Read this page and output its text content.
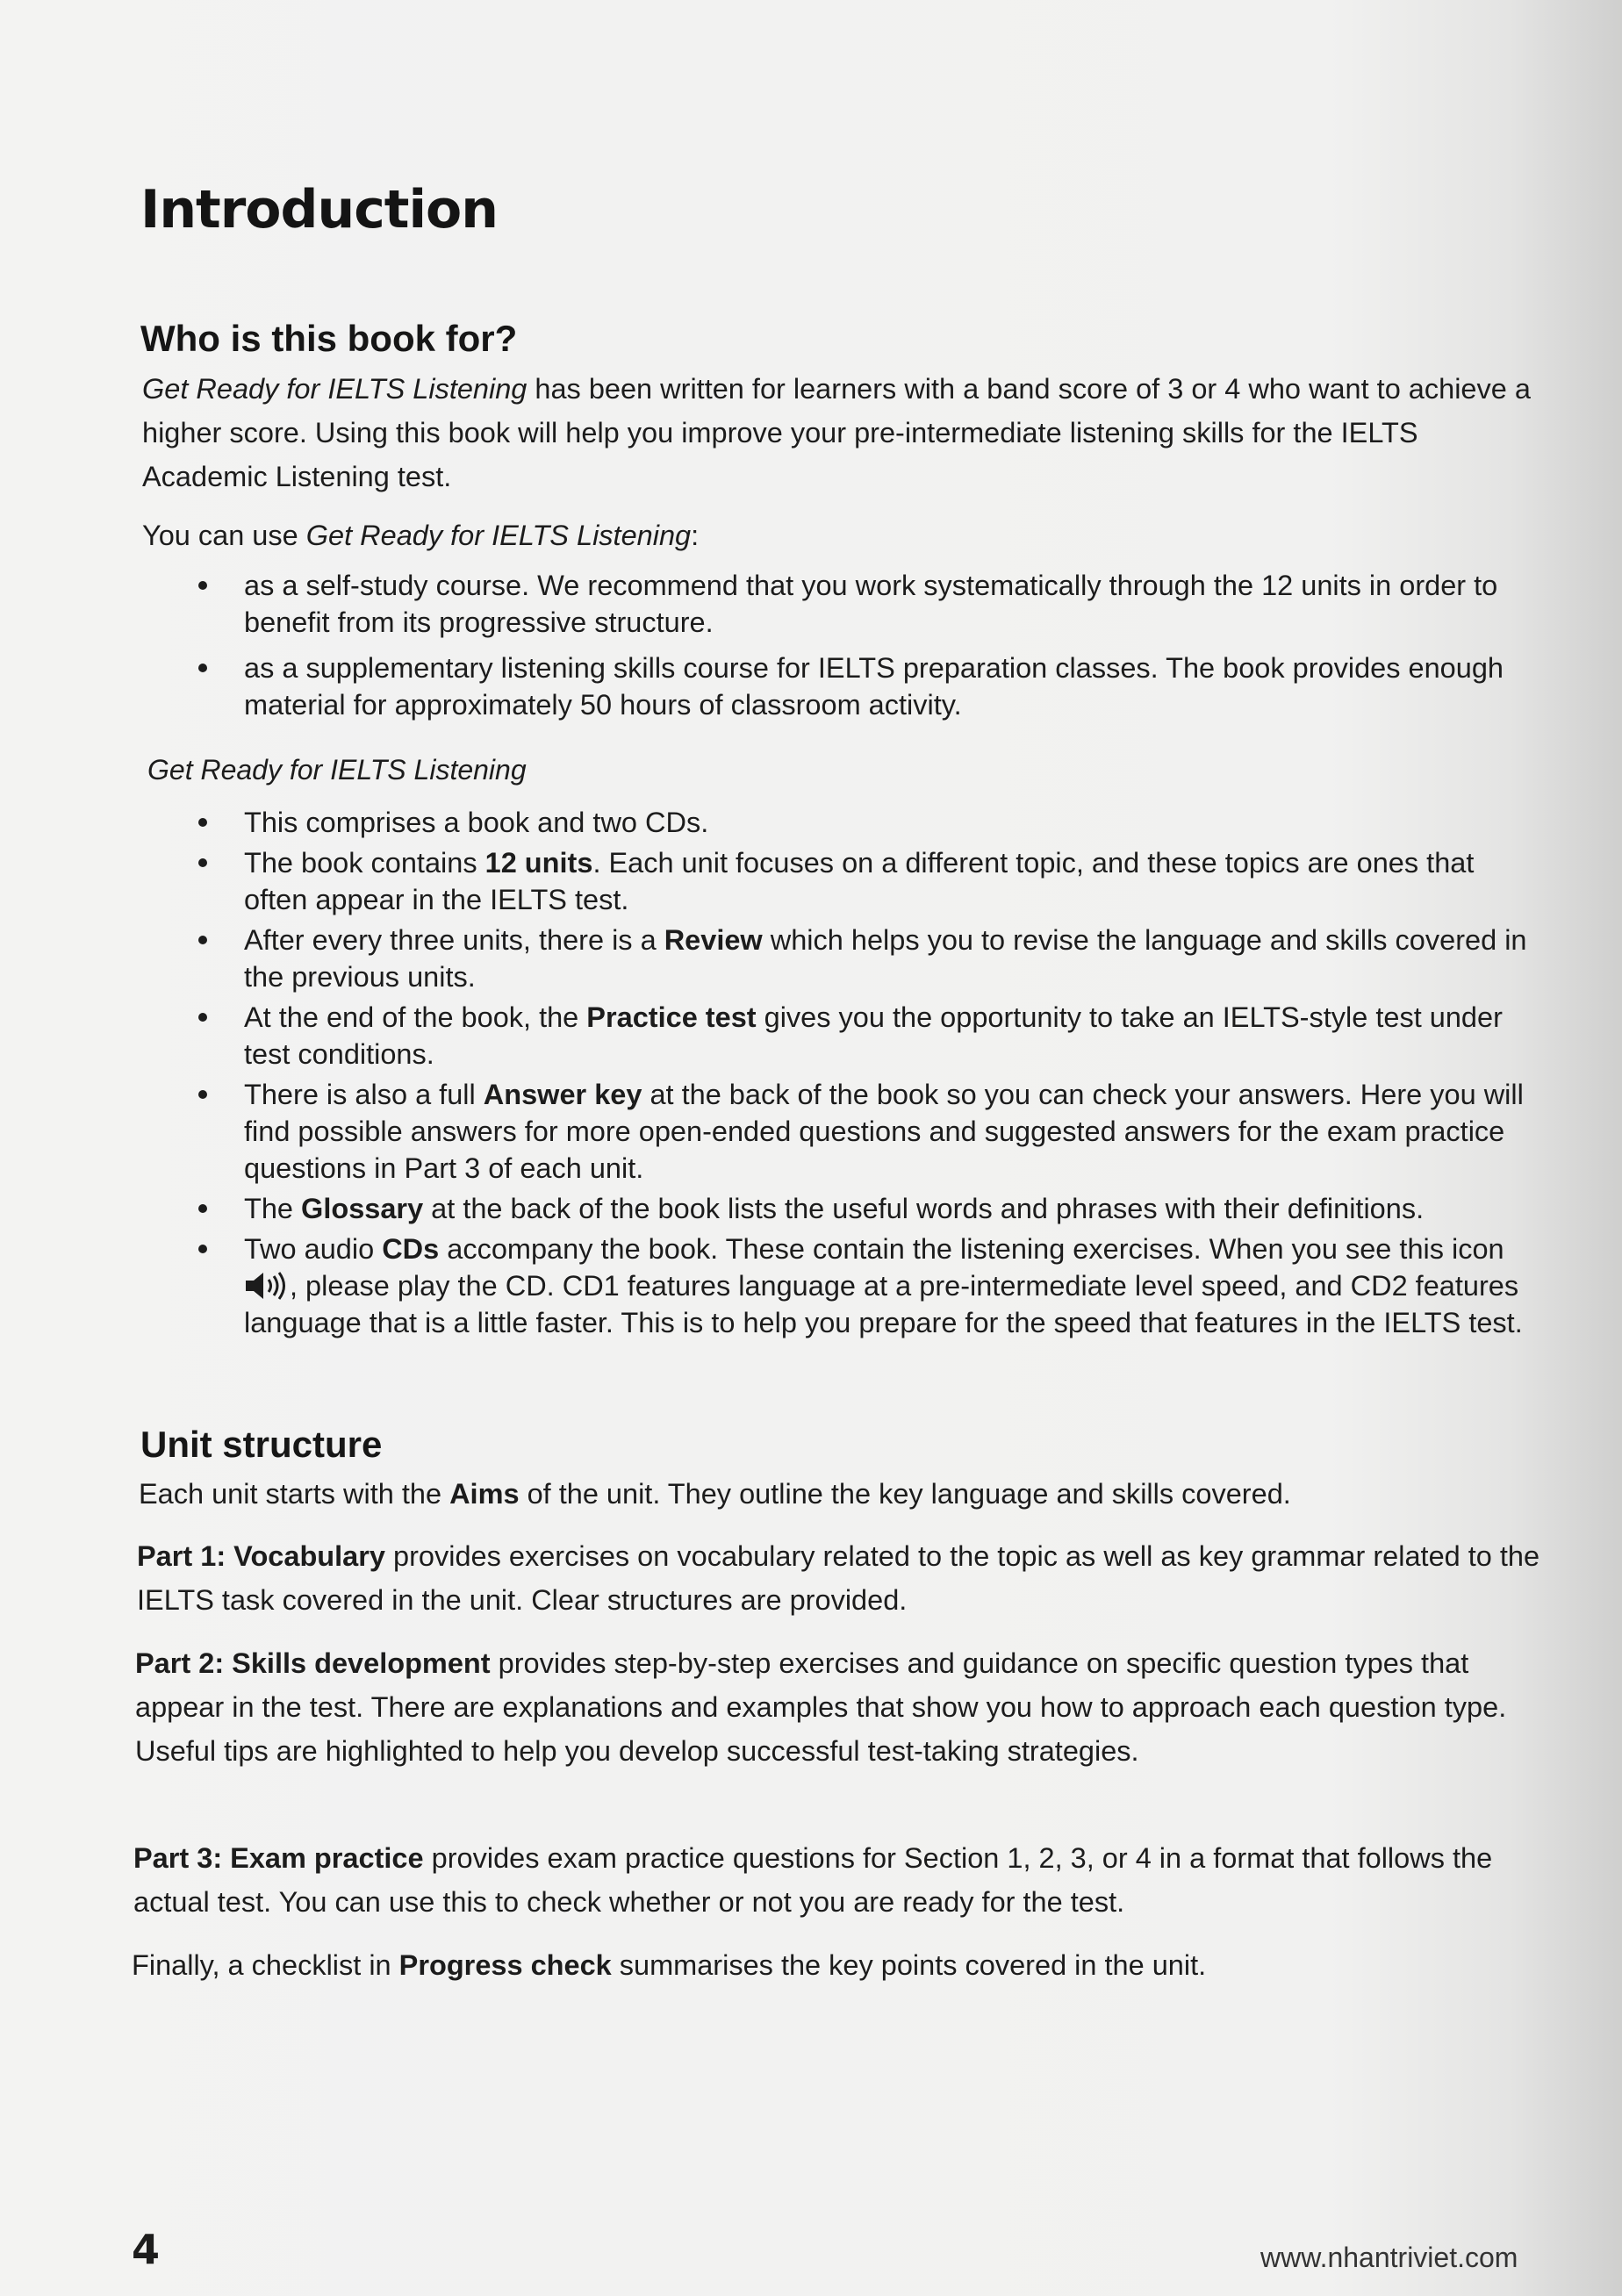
Introduction
Who is this book for?

Get Ready for IELTS Listening has been written for learners with a band score of 3 or 4 who want to achieve a higher score. Using this book will help you improve your pre-intermediate listening skills for the IELTS Academic Listening test.

You can use Get Ready for IELTS Listening:

as a self-study course. We recommend that you work systematically through the 12 units in order to benefit from its progressive structure.
as a supplementary listening skills course for IELTS preparation classes. The book provides enough material for approximately 50 hours of classroom activity.

Get Ready for IELTS Listening

This comprises a book and two CDs.
The book contains 12 units. Each unit focuses on a different topic, and these topics are ones that often appear in the IELTS test.
After every three units, there is a Review which helps you to revise the language and skills covered in the previous units.
At the end of the book, the Practice test gives you the opportunity to take an IELTS-style test under test conditions.
There is also a full Answer key at the back of the book so you can check your answers. Here you will find possible answers for more open-ended questions and suggested answers for the exam practice questions in Part 3 of each unit.
The Glossary at the back of the book lists the useful words and phrases with their definitions.
Two audio CDs accompany the book. These contain the listening exercises. When you see this icon , please play the CD. CD1 features language at a pre-intermediate level speed, and CD2 features language that is a little faster. This is to help you prepare for the speed that features in the IELTS test.
Unit structure

Each unit starts with the Aims of the unit. They outline the key language and skills covered.

Part 1: Vocabulary provides exercises on vocabulary related to the topic as well as key grammar related to the IELTS task covered in the unit. Clear structures are provided.

Part 2: Skills development provides step-by-step exercises and guidance on specific question types that appear in the test. There are explanations and examples that show you how to approach each question type. Useful tips are highlighted to help you develop successful test-taking strategies.

Part 3: Exam practice provides exam practice questions for Section 1, 2, 3, or 4 in a format that follows the actual test. You can use this to check whether or not you are ready for the test.

Finally, a checklist in Progress check summarises the key points covered in the unit.

4	www.nhantriviet.com
